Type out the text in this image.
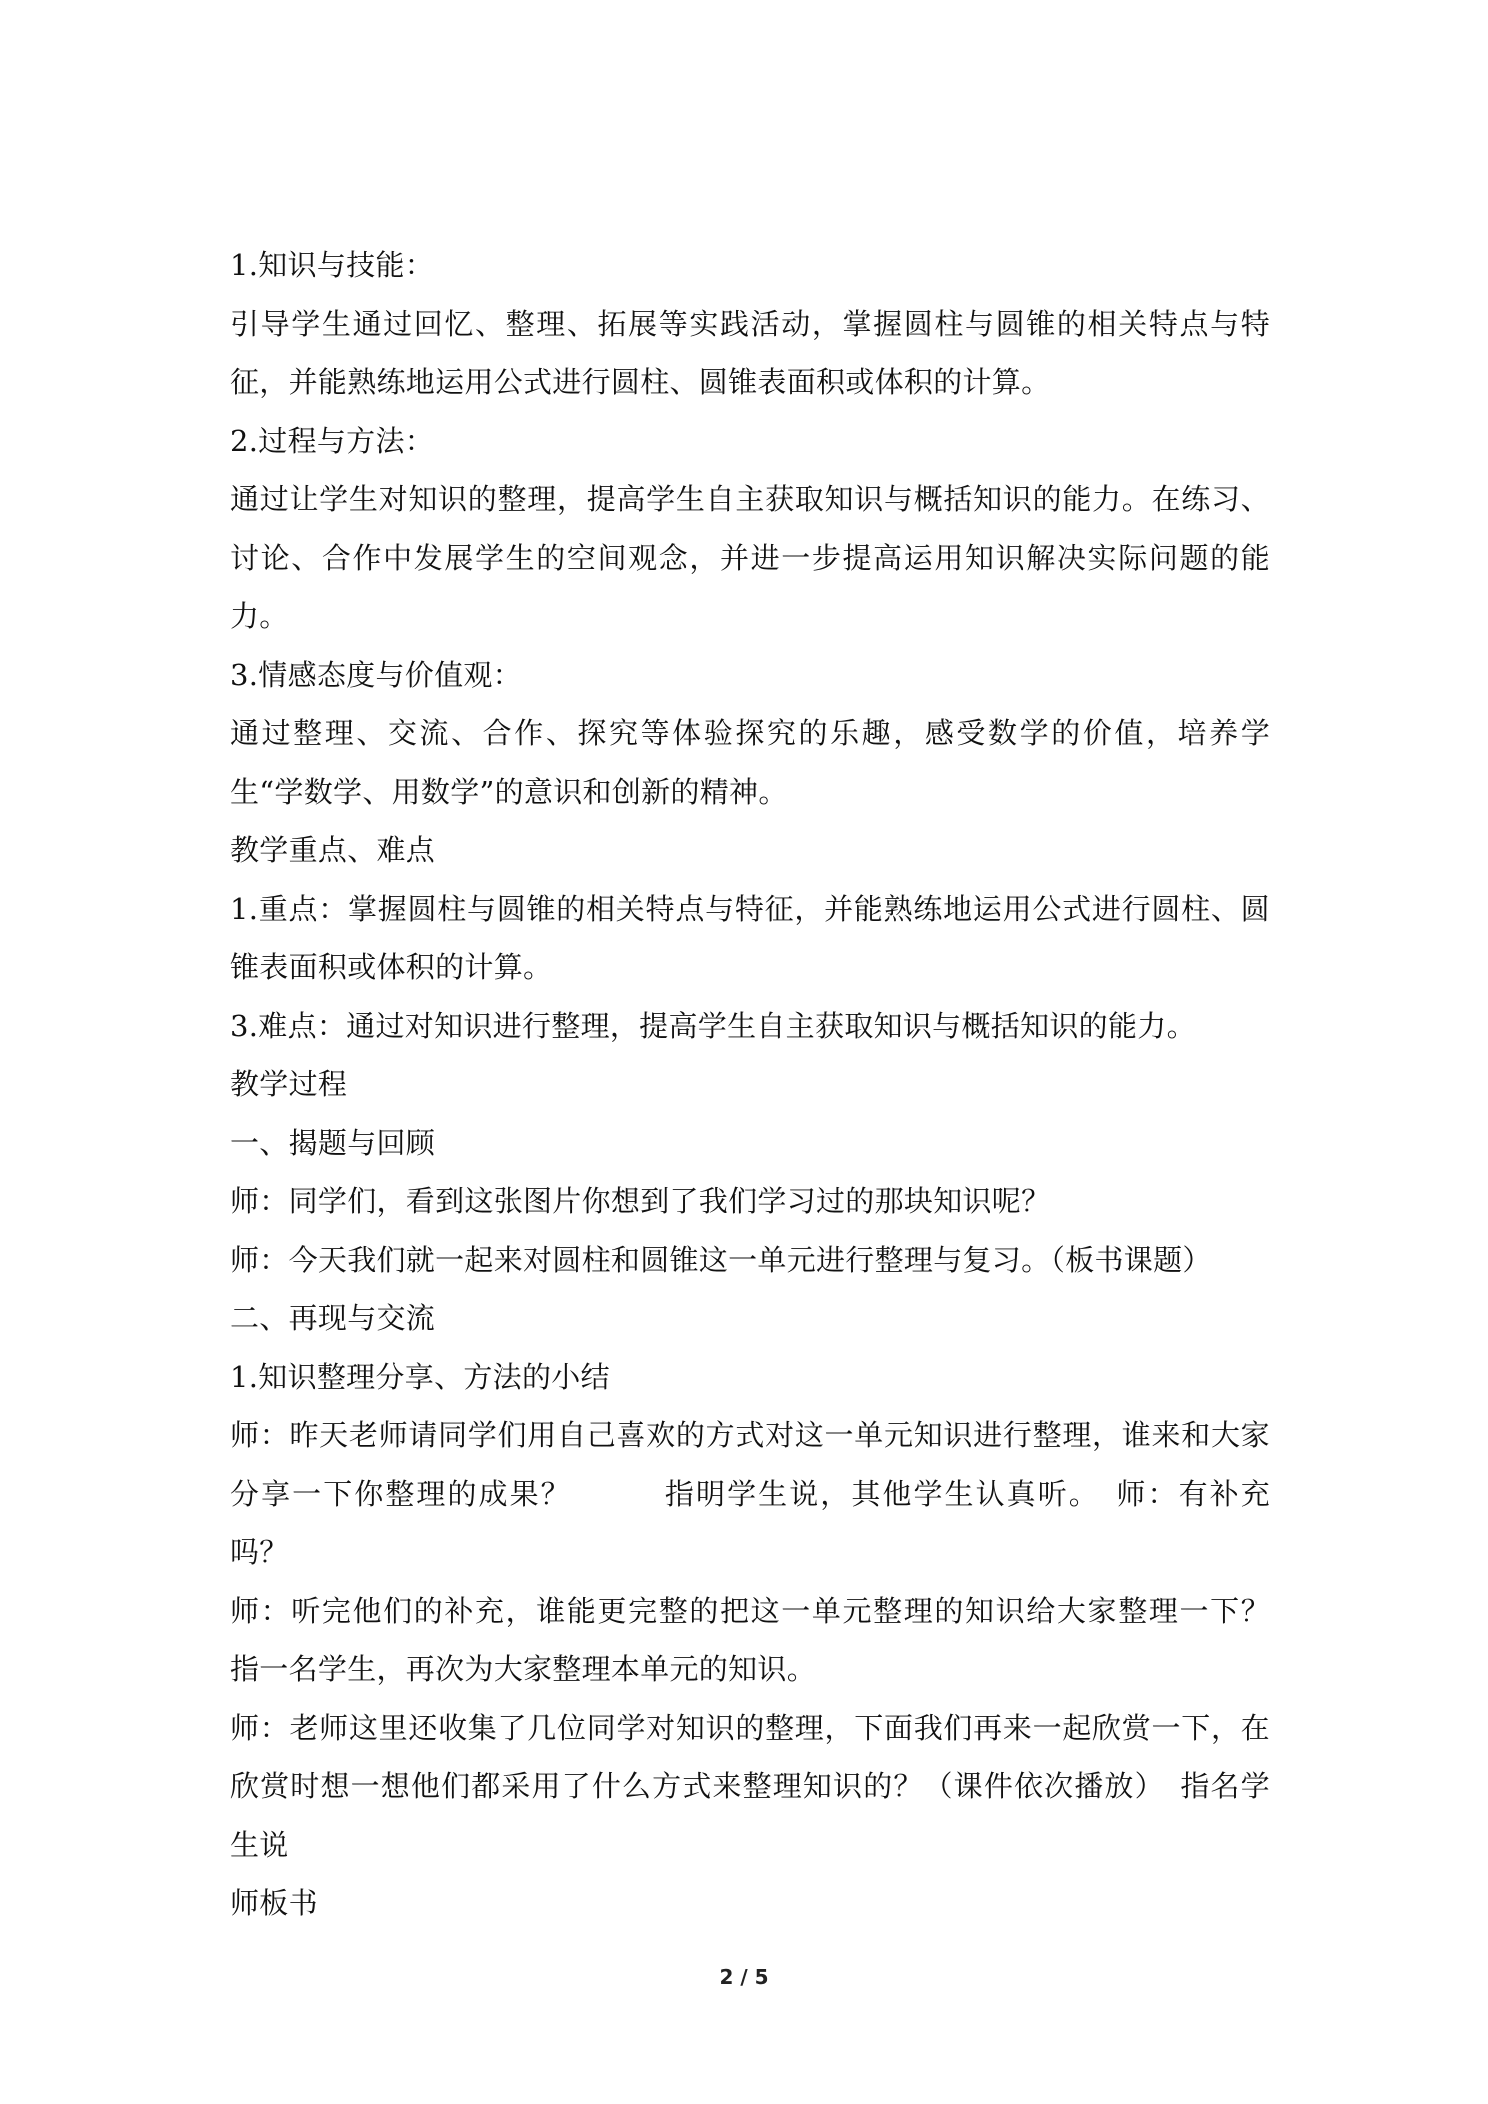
1.知识与技能：

引导学生通过回忆、整理、拓展等实践活动，掌握圆柱与圆锥的相关特点与特征，并能熟练地运用公式进行圆柱、圆锥表面积或体积的计算。

2.过程与方法：

通过让学生对知识的整理，提高学生自主获取知识与概括知识的能力。在练习、讨论、合作中发展学生的空间观念，并进一步提高运用知识解决实际问题的能力。

3.情感态度与价值观：

通过整理、交流、合作、探究等体验探究的乐趣，感受数学的价值，培养学生“学数学、用数学”的意识和创新的精神。

教学重点、难点

1.重点：掌握圆柱与圆锥的相关特点与特征，并能熟练地运用公式进行圆柱、圆锥表面积或体积的计算。

3.难点：通过对知识进行整理，提高学生自主获取知识与概括知识的能力。

教学过程

一、揭题与回顾

师：同学们，看到这张图片你想到了我们学习过的那块知识呢？

师：今天我们就一起来对圆柱和圆锥这一单元进行整理与复习。（板书课题）

二、再现与交流

1.知识整理分享、方法的小结

师：昨天老师请同学们用自己喜欢的方式对这一单元知识进行整理，谁来和大家分享一下你整理的成果？　　　指明学生说，其他学生认真听。　师：有补充吗？

师：听完他们的补充，谁能更完整的把这一单元整理的知识给大家整理一下？　指一名学生，再次为大家整理本单元的知识。

师：老师这里还收集了几位同学对知识的整理，下面我们再来一起欣赏一下，在欣赏时想一想他们都采用了什么方式来整理知识的？（课件依次播放）　指名学生说

师板书

2 / 5
